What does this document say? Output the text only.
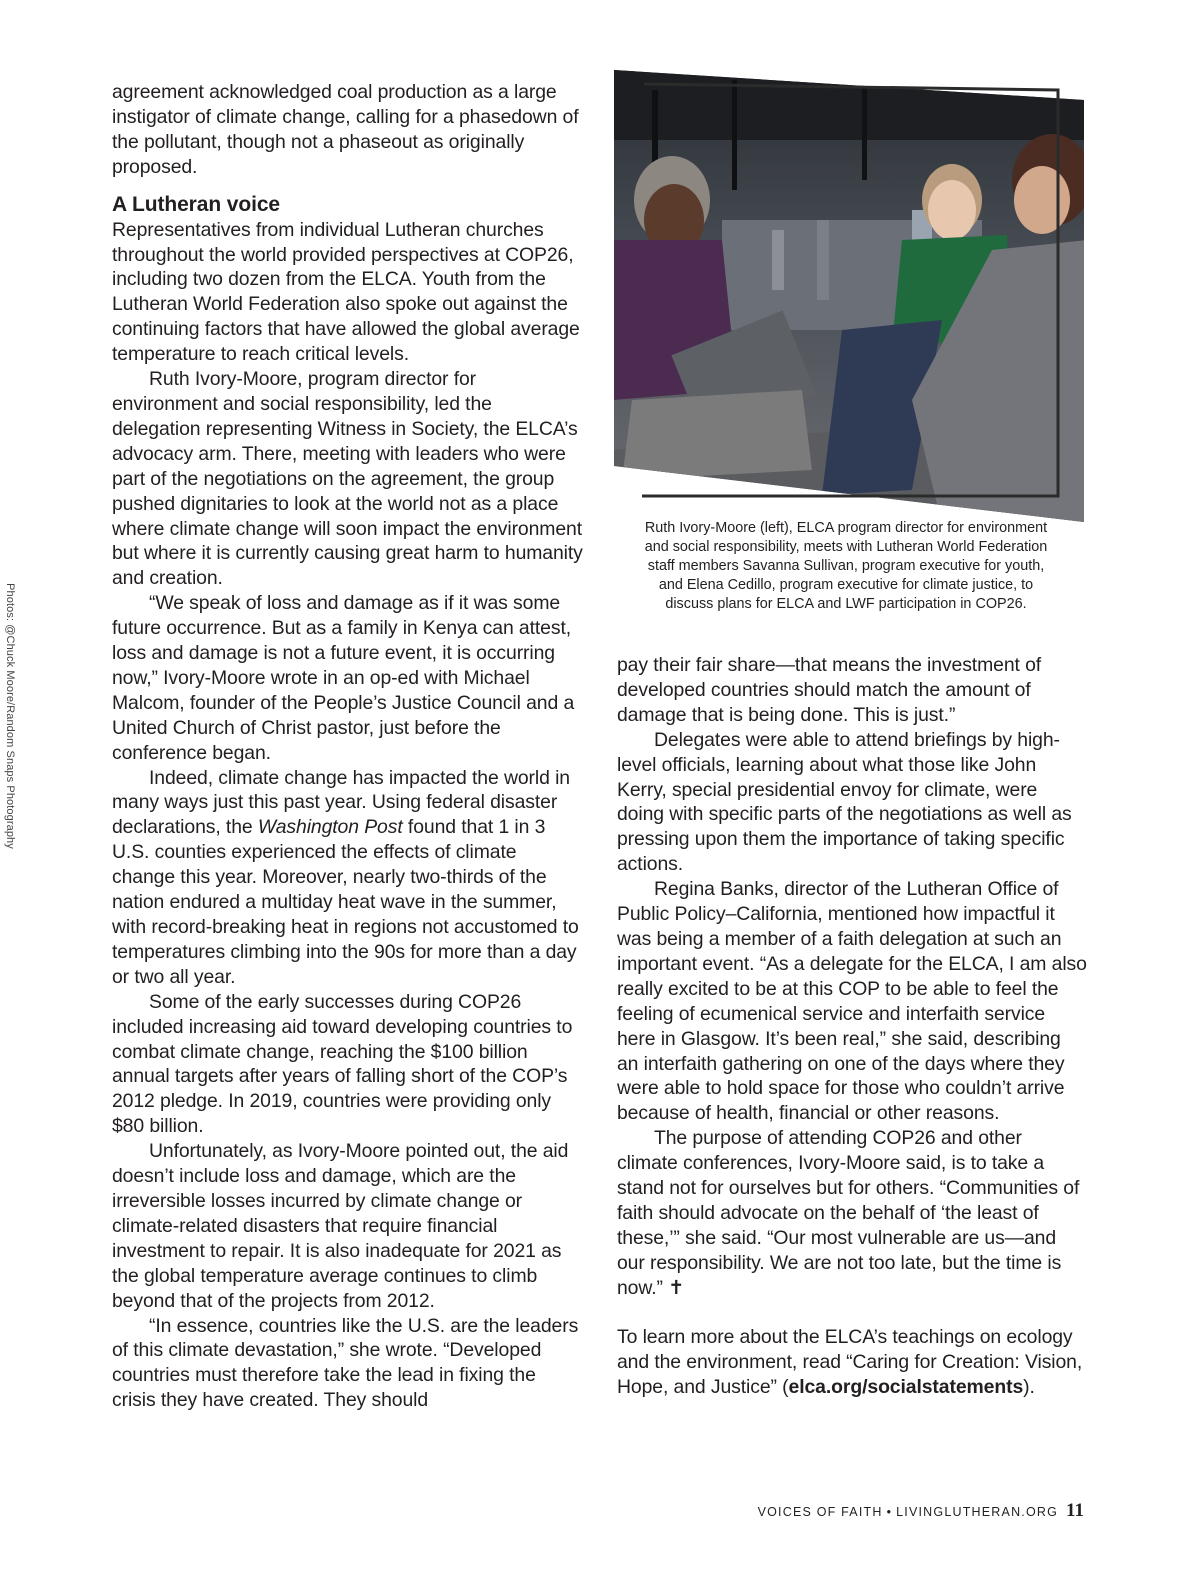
Photos: @Chuck Moore/Random Snaps Photography

agreement acknowledged coal production as a large instigator of climate change, calling for a phasedown of the pollutant, though not a phaseout as originally proposed.

A Lutheran voice

Representatives from individual Lutheran churches throughout the world provided perspectives at COP26, including two dozen from the ELCA. Youth from the Lutheran World Federation also spoke out against the continuing factors that have allowed the global average temperature to reach critical levels.

Ruth Ivory-Moore, program director for environment and social responsibility, led the delegation representing Witness in Society, the ELCA’s advocacy arm. There, meeting with leaders who were part of the negotiations on the agreement, the group pushed dignitaries to look at the world not as a place where climate change will soon impact the environment but where it is currently causing great harm to humanity and creation.

“We speak of loss and damage as if it was some future occurrence. But as a family in Kenya can attest, loss and damage is not a future event, it is occurring now,” Ivory-Moore wrote in an op-ed with Michael Malcom, founder of the People’s Justice Council and a United Church of Christ pastor, just before the conference began.

Indeed, climate change has impacted the world in many ways just this past year. Using federal disaster declarations, the Washington Post found that 1 in 3 U.S. counties experienced the effects of climate change this year. Moreover, nearly two-thirds of the nation endured a multiday heat wave in the summer, with record-breaking heat in regions not accustomed to temperatures climbing into the 90s for more than a day or two all year.

Some of the early successes during COP26 included increasing aid toward developing countries to combat climate change, reaching the $100 billion annual targets after years of falling short of the COP’s 2012 pledge. In 2019, countries were providing only $80 billion.

Unfortunately, as Ivory-Moore pointed out, the aid doesn’t include loss and damage, which are the irreversible losses incurred by climate change or climate-related disasters that require financial investment to repair. It is also inadequate for 2021 as the global temperature average continues to climb beyond that of the projects from 2012.

“In essence, countries like the U.S. are the leaders of this climate devastation,” she wrote. “Developed countries must therefore take the lead in fixing the crisis they have created. They should

Ruth Ivory-Moore (left), ELCA program director for environment and social responsibility, meets with Lutheran World Federation staff members Savanna Sullivan, program executive for youth, and Elena Cedillo, program executive for climate justice, to discuss plans for ELCA and LWF participation in COP26.

pay their fair share—that means the investment of developed countries should match the amount of damage that is being done. This is just.”

Delegates were able to attend briefings by high-level officials, learning about what those like John Kerry, special presidential envoy for climate, were doing with specific parts of the negotiations as well as pressing upon them the importance of taking specific actions.

Regina Banks, director of the Lutheran Office of Public Policy–California, mentioned how impactful it was being a member of a faith delegation at such an important event. “As a delegate for the ELCA, I am also really excited to be at this COP to be able to feel the feeling of ecumenical service and interfaith service here in Glasgow. It’s been real,” she said, describing an interfaith gathering on one of the days where they were able to hold space for those who couldn’t arrive because of health, financial or other reasons.

The purpose of attending COP26 and other climate conferences, Ivory-Moore said, is to take a stand not for ourselves but for others. “Communities of faith should advocate on the behalf of ‘the least of these,’” she said. “Our most vulnerable are us—and our responsibility. We are not too late, but the time is now.” ✝

To learn more about the ELCA’s teachings on ecology and the environment, read “Caring for Creation: Vision, Hope, and Justice” (elca.org/socialstatements).

VOICES OF FAITH • LIVINGLUTHERAN.ORG 11
